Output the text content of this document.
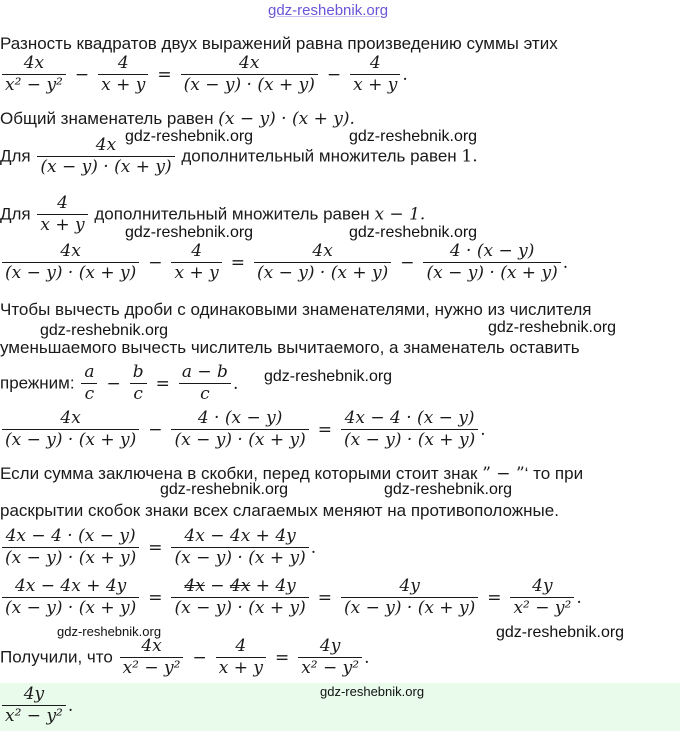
gdz-reshebnik.org
Разность квадратов двух выражений равна произведению суммы этих
$\frac{4x}{\text{x² − y²}} - \frac{4}{x + y} = \frac{4x}{(x - y) \cdot (x + y)} - \frac{4}{x + y}$ .
Общий знаменатель равен (x − y) · (x + y).
gdz-reshebnik.org	gdz-reshebnik.org
Для $\frac{4x}{(x - y) \cdot (x + y)}$ дополнительный множитель равен 1.
Для $\frac{4}{x + y}$ дополнительный множитель равен x − 1.
gdz-reshebnik.org	gdz-reshebnik.org
$\frac{4x}{(x - y) \cdot (x + y)} - \frac{4}{x + y} = \frac{4x}{(x - y) \cdot (x + y)} - \frac{4 \cdot (x - y)}{(x - y) \cdot (x + y)}$ .
Чтобы вычесть дроби с одинаковыми знаменателями, нужно из числителя
gdz-reshebnik.org	gdz-reshebnik.org
уменьшаемого вычесть числитель вычитаемого, а знаменатель оставить
прежним: $\frac{a}{c} - \frac{b}{c} = \frac{a - b}{c}$ . gdz-reshebnik.org
$\frac{4x}{(x - y) \cdot (x + y)} - \frac{4 \cdot (x - y)}{(x - y) \cdot (x + y)} = \frac{4x - 4 \cdot (x - y)}{(x - y) \cdot (x + y)}$ .
Если сумма заключена в скобки, перед которыми стоит знак ” − ”‘ то при
gdz-reshebnik.org	gdz-reshebnik.org
раскрытии скобок знаки всех слагаемых меняют на противоположные.
$\frac{4x - 4 \cdot (x - y)}{(x - y) \cdot (x + y)} = \frac{4x - 4x + 4y}{(x - y) \cdot (x + y)}$ .
$\frac{4x - 4x + 4y}{(x - y) \cdot (x + y)} = \frac{4x - 4x + 4y}{(x - y) \cdot (x + y)} = \frac{4y}{(x - y) \cdot (x + y)} = \frac{4y}{\text{x² − y²}}$ .
gdz-reshebnik.org	gdz-reshebnik.org
Получили, что $\frac{4x}{\text{x² − y²}} - \frac{4}{x + y} = \frac{4y}{\text{x² − y²}}$ .
gdz-reshebnik.org
$\frac{4y}{\text{x² − y²}}$ .
